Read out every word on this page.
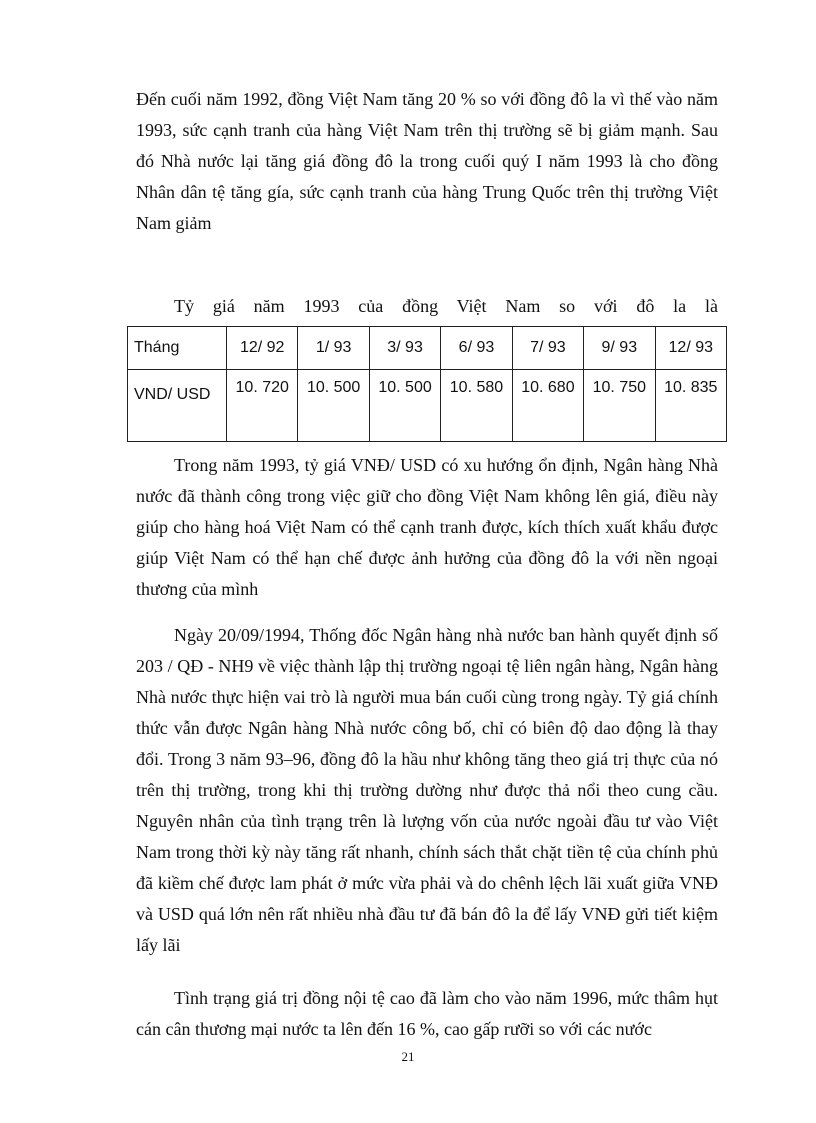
Đến cuối năm 1992, đồng Việt Nam tăng 20 % so với đồng đô la vì thế vào năm 1993, sức cạnh tranh của hàng Việt Nam trên thị trường sẽ bị giảm mạnh. Sau đó Nhà nước lại tăng giá đồng đô la trong cuối quý I năm 1993 là cho đồng Nhân dân tệ tăng gía, sức cạnh tranh của hàng Trung Quốc trên thị trường Việt Nam giảm

Tỷ giá năm 1993 của đồng Việt Nam so với đô la là

Tháng	12/ 92	1/ 93	3/ 93	6/ 93	7/ 93	9/ 93	12/ 93
VND/ USD	10. 720	10. 500	10. 500	10. 580	10. 680	10. 750	10. 835

Trong năm 1993, tỷ giá VNĐ/ USD có xu hướng ổn định, Ngân hàng Nhà nước đã thành công trong việc giữ cho đồng Việt Nam không lên giá, điều này giúp cho hàng hoá Việt Nam có thể cạnh tranh được, kích thích xuất khẩu được giúp Việt Nam có thể hạn chế được ảnh hưởng của đồng đô la với nền ngoại thương của mình

Ngày 20/09/1994, Thống đốc Ngân hàng nhà nước ban hành quyết định số 203 / QĐ - NH9 về việc thành lập thị trường ngoại tệ liên ngân hàng, Ngân hàng Nhà nước thực hiện vai trò là người mua bán cuối cùng trong ngày. Tỷ giá chính thức vẫn được Ngân hàng Nhà nước công bố, chỉ có biên độ dao động là thay đổi. Trong 3 năm 93–96, đồng đô la hầu như không tăng theo giá trị thực của nó trên thị trường, trong khi thị trường dường như được thả nổi theo cung cầu. Nguyên nhân của tình trạng trên là lượng vốn của nước ngoài đầu tư vào Việt Nam trong thời kỳ này tăng rất nhanh, chính sách thắt chặt tiền tệ của chính phủ đã kiềm chế được lam phát ở mức vừa phải và do chênh lệch lãi xuất giữa VNĐ và USD quá lớn nên rất nhiều nhà đầu tư đã bán đô la để lấy VNĐ gửi tiết kiệm lấy lãi

Tình trạng giá trị đồng nội tệ cao đã làm cho vào năm 1996, mức thâm hụt cán cân thương mại nước ta lên đến 16 %, cao gấp rưỡi so với các nước

21
